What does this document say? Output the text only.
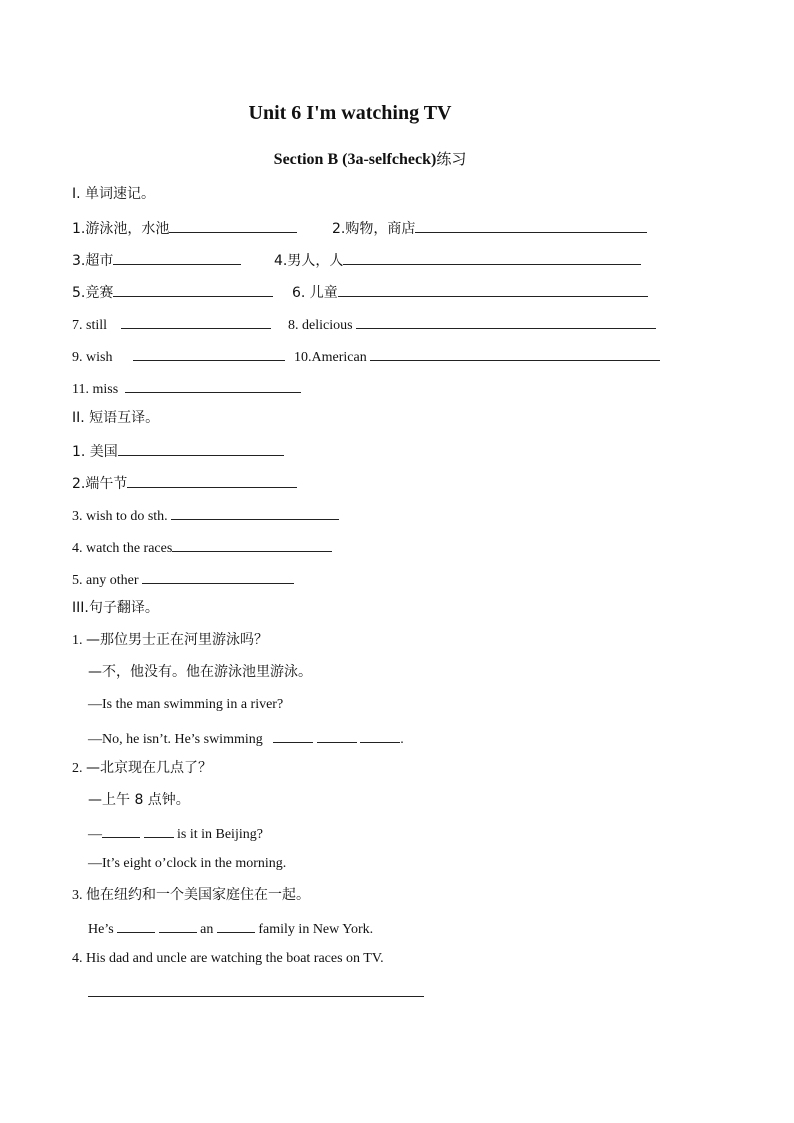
Unit 6 I'm watching TV
Section B (3a-selfcheck)练习
I. 单词速记。
1.游泳池，水池	2.购物，商店
3.超市	4.男人，人
5.竞赛	6. 儿童
7. still	8. delicious
9. wish	10.American
11. miss
II. 短语互译。
1. 美国
2.端午节
3. wish to do sth.
4. watch the races
5. any other
III.句子翻译。
1. —那位男士正在河里游泳吗？
—不，他没有。他在游泳池里游泳。
—Is the man swimming in a river?
—No, he isn’t. He’s swimming	.
2. —北京现在几点了？
—上午 8 点钟。
—	is it in Beijing?
—It’s eight o’clock in the morning.
3. 他在纽约和一个美国家庭住在一起。
He’s	an	family in New York.
4. His dad and uncle are watching the boat races on TV.
